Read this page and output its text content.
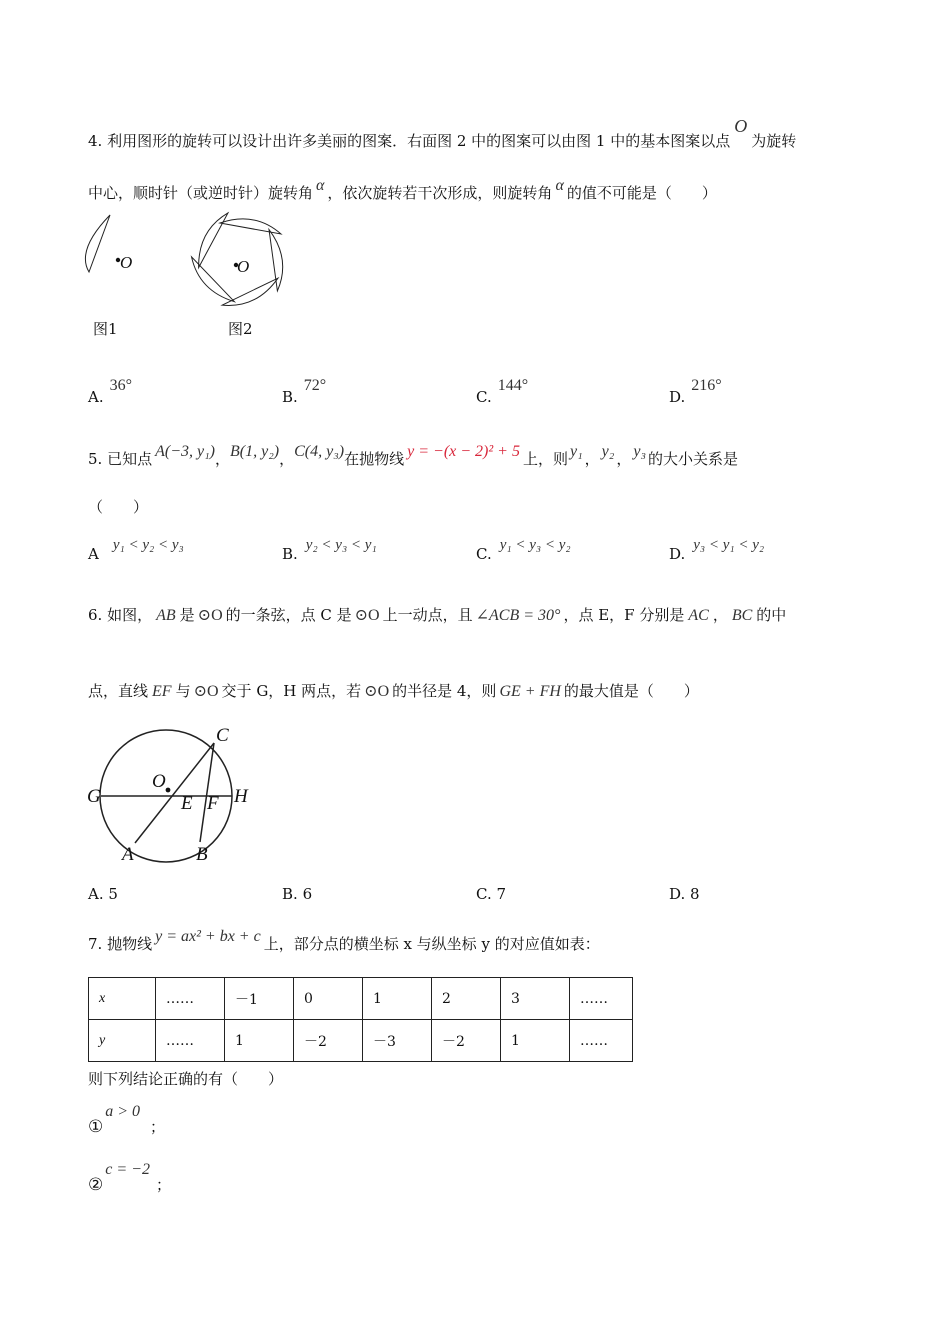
4. 利用图形的旋转可以设计出许多美丽的图案．右面图 2 中的图案可以由图 1 中的基本图案以点O为旋转
中心，顺时针（或逆时针）旋转角 α ，依次旋转若干次形成，则旋转角 α 的值不可能是（　　）
O	O
图1	图2
A.36°
B.72°
C.144°
D.216°
5. 已知点 A(−3, y₁)，B(1, y₂)，C(4, y₃)在抛物线 y = −(x − 2)² + 5 上，则 y₁ ， y₂ ， y₃ 的大小关系是
（　　）
A y₁ < y₂ < y₃	B. y₂ < y₃ < y₁	C. y₁ < y₃ < y₂	D. y₃ < y₁ < y₂
6. 如图， AB 是 ⊙O 的一条弦，点 C 是 ⊙O 上一动点，且 ∠ACB = 30° ，点 E，F 分别是 AC ， BC 的中
点，直线 EF 与 ⊙O 交于 G，H 两点，若 ⊙O 的半径是 4，则 GE + FH 的最大值是（　　）
C
O
G	E F H
A	B
A. 5	B. 6	C. 7	D. 8
7. 抛物线 y = ax² + bx + c 上，部分点的横坐标 x 与纵坐标 y 的对应值如表：
x	……	－1	0	1	2	3	……
y	……	1	－2	－3	－2	1	……
则下列结论正确的有（　　）
①a > 0；
②c = −2；
